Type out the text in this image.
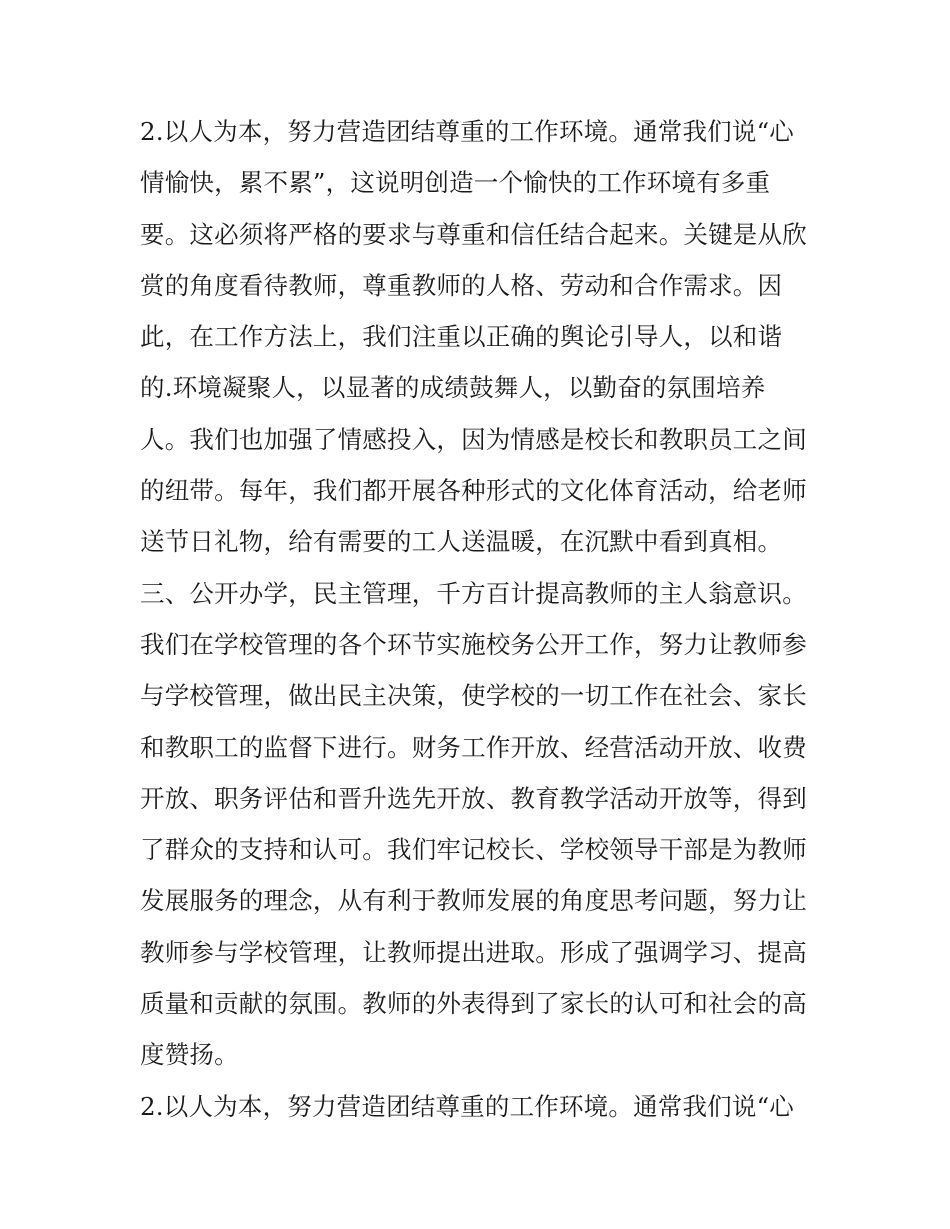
2.以人为本，努力营造团结尊重的工作环境。通常我们说“心
情愉快，累不累”，这说明创造一个愉快的工作环境有多重
要。这必须将严格的要求与尊重和信任结合起来。关键是从欣
赏的角度看待教师，尊重教师的人格、劳动和合作需求。因
此，在工作方法上，我们注重以正确的舆论引导人，以和谐
的.环境凝聚人，以显著的成绩鼓舞人，以勤奋的氛围培养
人。我们也加强了情感投入，因为情感是校长和教职员工之间
的纽带。每年，我们都开展各种形式的文化体育活动，给老师
送节日礼物，给有需要的工人送温暖，在沉默中看到真相。
三、公开办学，民主管理，千方百计提高教师的主人翁意识。
我们在学校管理的各个环节实施校务公开工作，努力让教师参
与学校管理，做出民主决策，使学校的一切工作在社会、家长
和教职工的监督下进行。财务工作开放、经营活动开放、收费
开放、职务评估和晋升选先开放、教育教学活动开放等，得到
了群众的支持和认可。我们牢记校长、学校领导干部是为教师
发展服务的理念，从有利于教师发展的角度思考问题，努力让
教师参与学校管理，让教师提出进取。形成了强调学习、提高
质量和贡献的氛围。教师的外表得到了家长的认可和社会的高
度赞扬。
2.以人为本，努力营造团结尊重的工作环境。通常我们说“心
